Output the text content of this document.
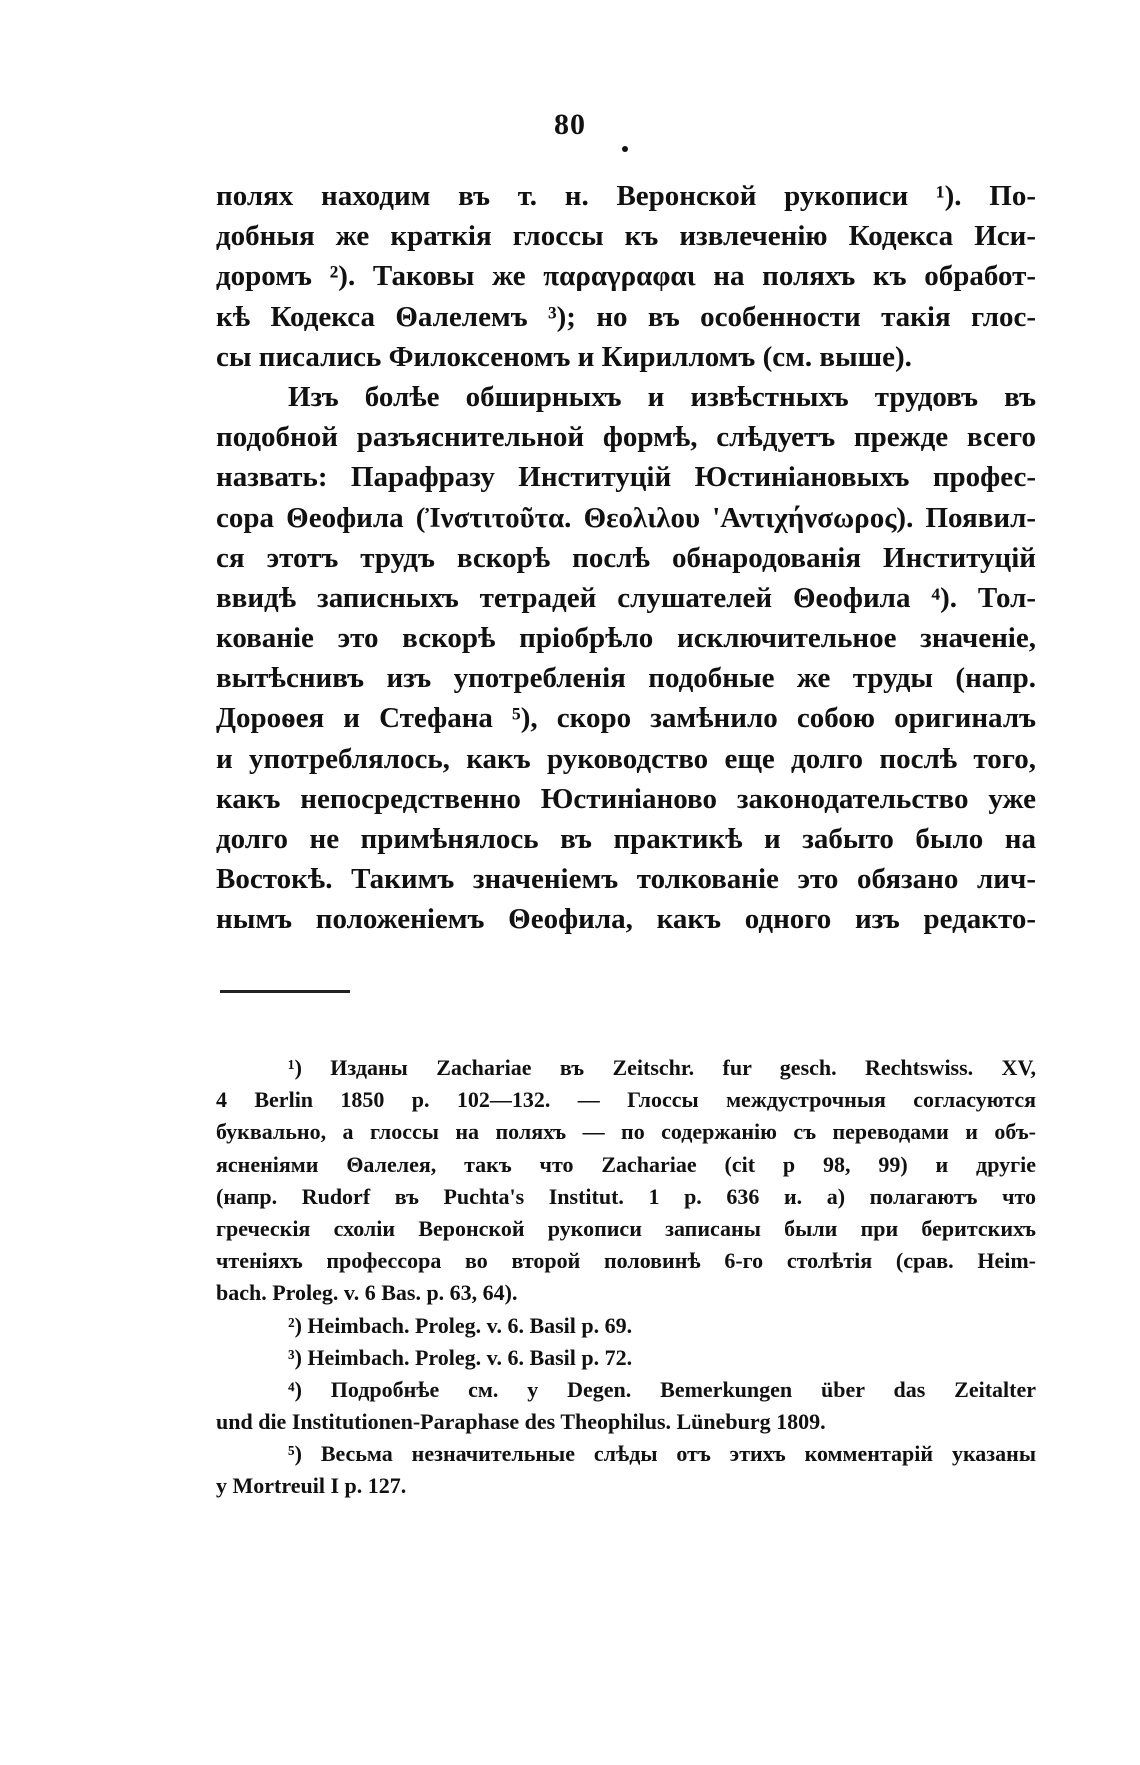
80
полях находим въ т. н. Веронской рукописи ¹). По-
добныя же краткія глоссы къ извлеченію Кодекса Иси-
доромъ ²). Таковы же παραγραφαι на поляхъ къ обработ-
кѣ Кодекса Θалелемъ ³); но въ особенности такія глос-
сы писались Филоксеномъ и Кирилломъ (см. выше).
Изъ болѣе обширныхъ и извѣстныхъ трудовъ въ
подобной разъяснительной формѣ, слѣдуетъ прежде всего
назвать: Парафразу Институцій Юстиніановыхъ профес-
сора Θеофила (Ἰνστιτοῦτα. Θεολιλου 'Αντιχήνσωρος). Появил-
ся этотъ трудъ вскорѣ послѣ обнародованія Институцій
ввидѣ записныхъ тетрадей слушателей Θеофила ⁴). Тол-
кованіе это вскорѣ пріобрѣло исключительное значеніе,
вытѣснивъ изъ употребленія подобные же труды (напр.
Дороѳея и Стефана ⁵), скоро замѣнило собою оригиналъ
и употреблялось, какъ руководство еще долго послѣ того,
какъ непосредственно Юстиніаново законодательство уже
долго не примѣнялось въ практикѣ и забыто было на
Востокѣ. Такимъ значеніемъ толкованіе это обязано лич-
нымъ положеніемъ Θеофила, какъ одного изъ редакто-
¹) Изданы Zachariae въ Zeitschr. fur gesch. Rechtswiss. XV,
4 Berlin 1850 p. 102—132. — Глоссы междустрочныя согласуются
буквально, а глоссы на поляхъ — по содержанію съ переводами и объ-
ясненіями Θалелея, такъ что Zachariae (cit p 98, 99) и другіе
(напр. Rudorf въ Puchta's Institut. 1 p. 636 и. а) полагаютъ что
греческія схоліи Веронской рукописи записаны были при беритскихъ
чтеніяхъ профессора во второй половинѣ 6-го столѣтія (срав. Heim-
bach. Proleg. v. 6 Bas. p. 63, 64).
²) Heimbach. Proleg. v. 6. Basil p. 69.
³) Heimbach. Proleg. v. 6. Basil p. 72.
⁴) Подробнѣе см. у Degen. Bemerkungen über das Zeitalter
und die Institutionen-Paraphase des Theophilus. Lüneburg 1809.
⁵) Весьма незначительные слѣды отъ этихъ комментарій указаны
у Mortreuil I p. 127.
